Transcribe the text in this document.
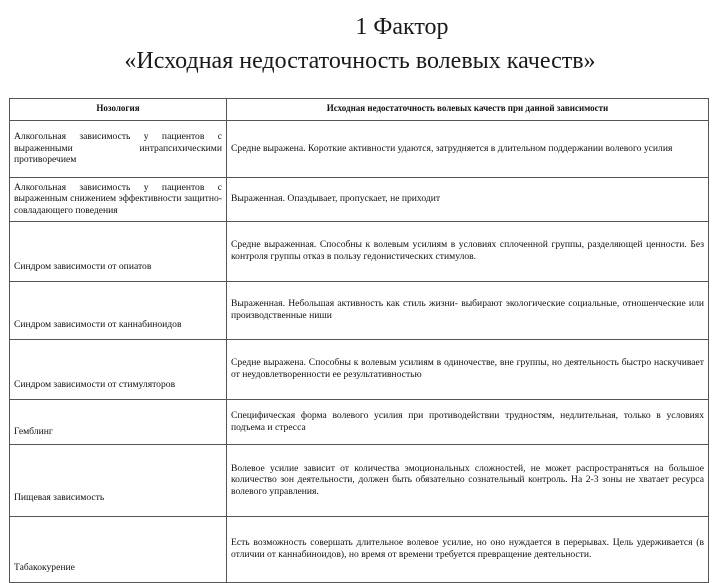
1 Фактор
«Исходная недостаточность волевых качеств»
Нозология	Исходная недостаточность волевых качеств при данной зависимости
Алкогольная зависимость у пациентов с выраженными интрапсихическими противоречием	Средне выражена. Короткие активности удаются, затрудняется в длительном поддержании волевого усилия
Алкогольная зависимость у пациентов с выраженным снижением эффективности защитно-совладающего поведения	Выраженная. Опаздывает, пропускает, не приходит
Синдром зависимости от опиатов	Средне выраженная. Способны к волевым усилиям в условиях сплоченной группы, разделяющей ценности. Без контроля группы отказ в пользу гедонистических стимулов.
Синдром зависимости от каннабиноидов	Выраженная. Небольшая активность как стиль жизни- выбирают экологические социальные, отношенческие или производственные ниши
Синдром зависимости от стимуляторов	Средне выражена. Способны к волевым усилиям в одиночестве, вне группы, но деятельность быстро наскучивает от неудовлетворенности ее результативностью
Гемблинг	Специфическая форма волевого усилия при противодействии трудностям, недлительная, только в условиях подъема и стресса
Пищевая зависимость	Волевое усилие зависит от количества эмоциональных сложностей, не может распространяться на большое количество зон деятельности, должен быть обязательно сознательный контроль. На 2-3 зоны не хватает ресурса волевого управления.
Табакокурение	Есть возможность совершать длительное волевое усилие, но оно нуждается в перерывах. Цель удерживается (в отличии от каннабиноидов), но время от времени требуется превращение деятельности.
